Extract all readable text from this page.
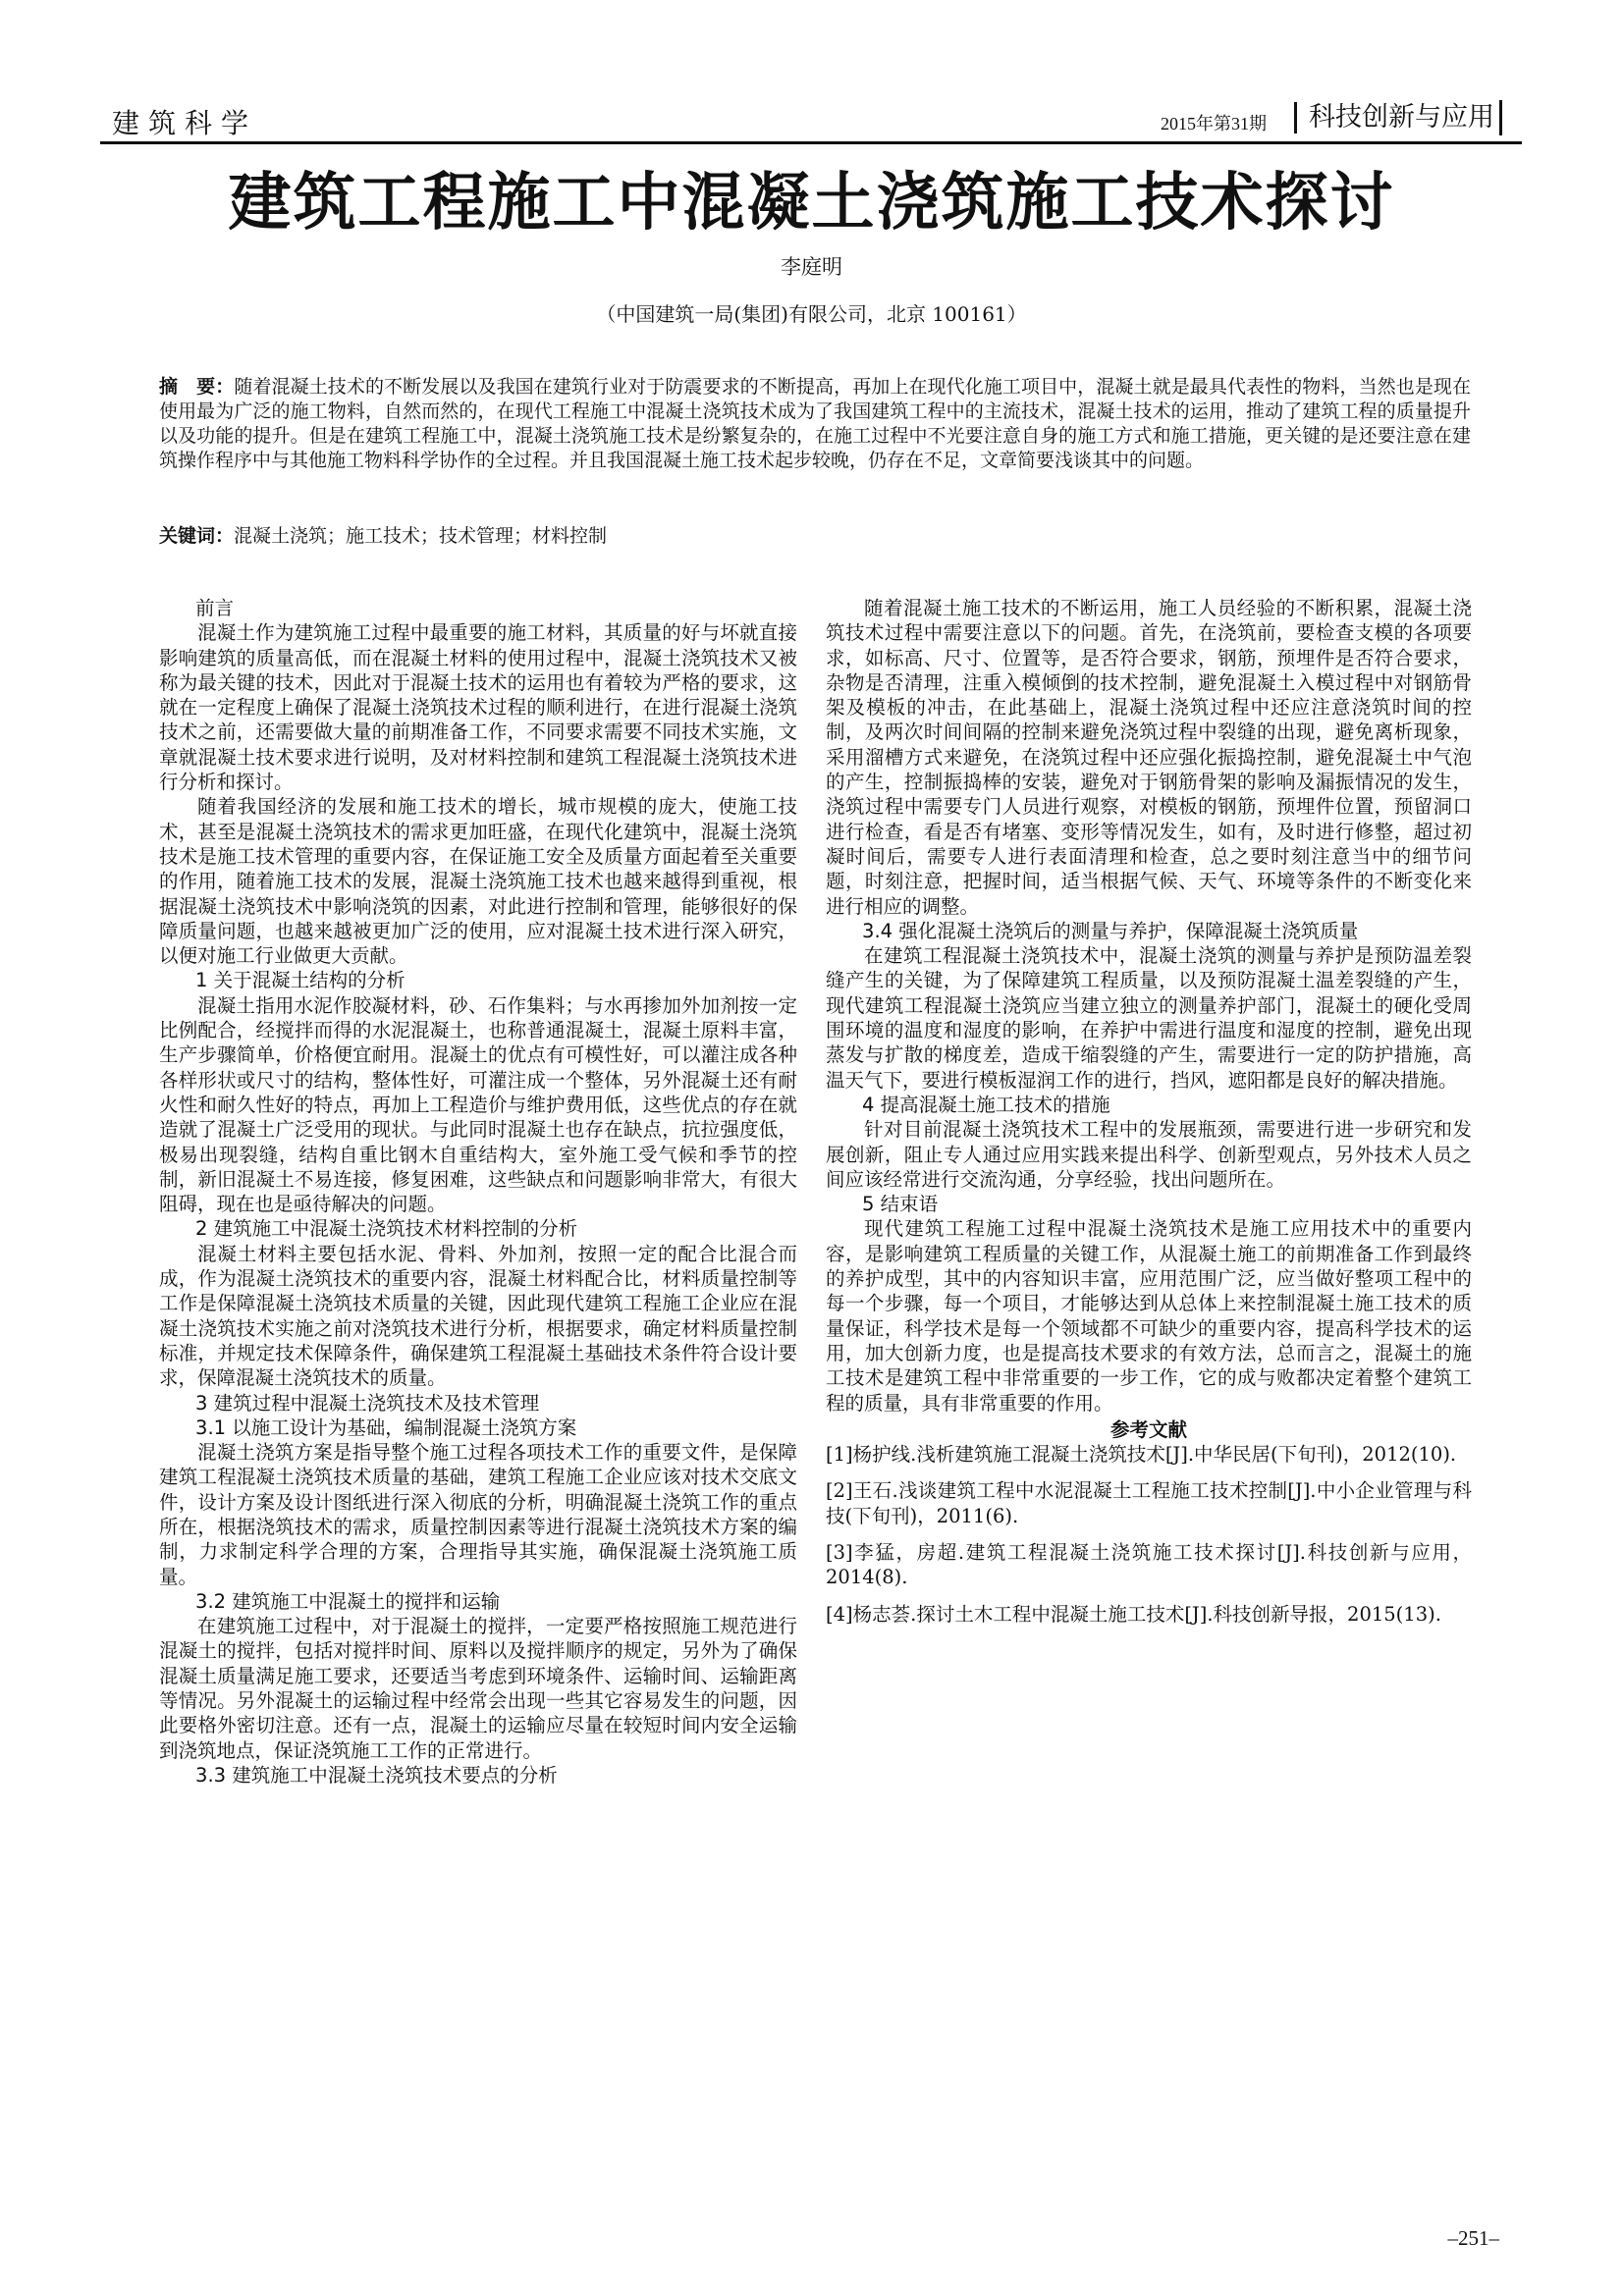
建筑科学	2015年第31期	科技创新与应用
建筑工程施工中混凝土浇筑施工技术探讨
李庭明
（中国建筑一局(集团)有限公司，北京 100161）
摘　要：随着混凝土技术的不断发展以及我国在建筑行业对于防震要求的不断提高，再加上在现代化施工项目中，混凝土就是最具代表性的物料，当然也是现在使用最为广泛的施工物料，自然而然的，在现代工程施工中混凝土浇筑技术成为了我国建筑工程中的主流技术，混凝土技术的运用，推动了建筑工程的质量提升以及功能的提升。但是在建筑工程施工中，混凝土浇筑施工技术是纷繁复杂的，在施工过程中不光要注意自身的施工方式和施工措施，更关键的是还要注意在建筑操作程序中与其他施工物料科学协作的全过程。并且我国混凝土施工技术起步较晚，仍存在不足，文章简要浅谈其中的问题。
关键词：混凝土浇筑；施工技术；技术管理；材料控制

前言

混凝土作为建筑施工过程中最重要的施工材料，其质量的好与坏就直接影响建筑的质量高低，而在混凝土材料的使用过程中，混凝土浇筑技术又被称为最关键的技术，因此对于混凝土技术的运用也有着较为严格的要求，这就在一定程度上确保了混凝土浇筑技术过程的顺利进行，在进行混凝土浇筑技术之前，还需要做大量的前期准备工作，不同要求需要不同技术实施，文章就混凝土技术要求进行说明，及对材料控制和建筑工程混凝土浇筑技术进行分析和探讨。

随着我国经济的发展和施工技术的增长，城市规模的庞大，使施工技术，甚至是混凝土浇筑技术的需求更加旺盛，在现代化建筑中，混凝土浇筑技术是施工技术管理的重要内容，在保证施工安全及质量方面起着至关重要的作用，随着施工技术的发展，混凝土浇筑施工技术也越来越得到重视，根据混凝土浇筑技术中影响浇筑的因素，对此进行控制和管理，能够很好的保障质量问题，也越来越被更加广泛的使用，应对混凝土技术进行深入研究，以便对施工行业做更大贡献。

1 关于混凝土结构的分析

混凝土指用水泥作胶凝材料，砂、石作集料；与水再掺加外加剂按一定比例配合，经搅拌而得的水泥混凝土，也称普通混凝土，混凝土原料丰富，生产步骤简单，价格便宜耐用。混凝土的优点有可模性好，可以灌注成各种各样形状或尺寸的结构，整体性好，可灌注成一个整体，另外混凝土还有耐火性和耐久性好的特点，再加上工程造价与维护费用低，这些优点的存在就造就了混凝土广泛受用的现状。与此同时混凝土也存在缺点，抗拉强度低，极易出现裂缝，结构自重比钢木自重结构大，室外施工受气候和季节的控制，新旧混凝土不易连接，修复困难，这些缺点和问题影响非常大，有很大阻碍，现在也是亟待解决的问题。

2 建筑施工中混凝土浇筑技术材料控制的分析

混凝土材料主要包括水泥、骨料、外加剂，按照一定的配合比混合而成，作为混凝土浇筑技术的重要内容，混凝土材料配合比，材料质量控制等工作是保障混凝土浇筑技术质量的关键，因此现代建筑工程施工企业应在混凝土浇筑技术实施之前对浇筑技术进行分析，根据要求，确定材料质量控制标准，并规定技术保障条件，确保建筑工程混凝土基础技术条件符合设计要求，保障混凝土浇筑技术的质量。

3 建筑过程中混凝土浇筑技术及技术管理

3.1 以施工设计为基础，编制混凝土浇筑方案

混凝土浇筑方案是指导整个施工过程各项技术工作的重要文件，是保障建筑工程混凝土浇筑技术质量的基础，建筑工程施工企业应该对技术交底文件，设计方案及设计图纸进行深入彻底的分析，明确混凝土浇筑工作的重点所在，根据浇筑技术的需求，质量控制因素等进行混凝土浇筑技术方案的编制，力求制定科学合理的方案，合理指导其实施，确保混凝土浇筑施工质量。

3.2 建筑施工中混凝土的搅拌和运输

在建筑施工过程中，对于混凝土的搅拌，一定要严格按照施工规范进行混凝土的搅拌，包括对搅拌时间、原料以及搅拌顺序的规定，另外为了确保混凝土质量满足施工要求，还要适当考虑到环境条件、运输时间、运输距离等情况。另外混凝土的运输过程中经常会出现一些其它容易发生的问题，因此要格外密切注意。还有一点，混凝土的运输应尽量在较短时间内安全运输到浇筑地点，保证浇筑施工工作的正常进行。

3.3 建筑施工中混凝土浇筑技术要点的分析

随着混凝土施工技术的不断运用，施工人员经验的不断积累，混凝土浇筑技术过程中需要注意以下的问题。首先，在浇筑前，要检查支模的各项要求，如标高、尺寸、位置等，是否符合要求，钢筋，预埋件是否符合要求，杂物是否清理，注重入模倾倒的技术控制，避免混凝土入模过程中对钢筋骨架及模板的冲击，在此基础上，混凝土浇筑过程中还应注意浇筑时间的控制，及两次时间间隔的控制来避免浇筑过程中裂缝的出现，避免离析现象，采用溜槽方式来避免，在浇筑过程中还应强化振捣控制，避免混凝土中气泡的产生，控制振捣棒的安装，避免对于钢筋骨架的影响及漏振情况的发生，浇筑过程中需要专门人员进行观察，对模板的钢筋，预埋件位置，预留洞口进行检查，看是否有堵塞、变形等情况发生，如有，及时进行修整，超过初凝时间后，需要专人进行表面清理和检查，总之要时刻注意当中的细节问题，时刻注意，把握时间，适当根据气候、天气、环境等条件的不断变化来进行相应的调整。

3.4 强化混凝土浇筑后的测量与养护，保障混凝土浇筑质量

在建筑工程混凝土浇筑技术中，混凝土浇筑的测量与养护是预防温差裂缝产生的关键，为了保障建筑工程质量，以及预防混凝土温差裂缝的产生，现代建筑工程混凝土浇筑应当建立独立的测量养护部门，混凝土的硬化受周围环境的温度和湿度的影响，在养护中需进行温度和湿度的控制，避免出现蒸发与扩散的梯度差，造成干缩裂缝的产生，需要进行一定的防护措施，高温天气下，要进行模板湿润工作的进行，挡风，遮阳都是良好的解决措施。

4 提高混凝土施工技术的措施

针对目前混凝土浇筑技术工程中的发展瓶颈，需要进行进一步研究和发展创新，阻止专人通过应用实践来提出科学、创新型观点，另外技术人员之间应该经常进行交流沟通，分享经验，找出问题所在。

5 结束语

现代建筑工程施工过程中混凝土浇筑技术是施工应用技术中的重要内容，是影响建筑工程质量的关键工作，从混凝土施工的前期准备工作到最终的养护成型，其中的内容知识丰富，应用范围广泛，应当做好整项工程中的每一个步骤，每一个项目，才能够达到从总体上来控制混凝土施工技术的质量保证，科学技术是每一个领域都不可缺少的重要内容，提高科学技术的运用，加大创新力度，也是提高技术要求的有效方法，总而言之，混凝土的施工技术是建筑工程中非常重要的一步工作，它的成与败都决定着整个建筑工程的质量，具有非常重要的作用。

参考文献

[1]杨护线.浅析建筑施工混凝土浇筑技术[J].中华民居(下旬刊)，2012(10).

[2]王石.浅谈建筑工程中水泥混凝土工程施工技术控制[J].中小企业管理与科技(下旬刊)，2011(6).

[3]李猛，房超.建筑工程混凝土浇筑施工技术探讨[J].科技创新与应用，2014(8).

[4]杨志荟.探讨土木工程中混凝土施工技术[J].科技创新导报，2015(13).

–251–
